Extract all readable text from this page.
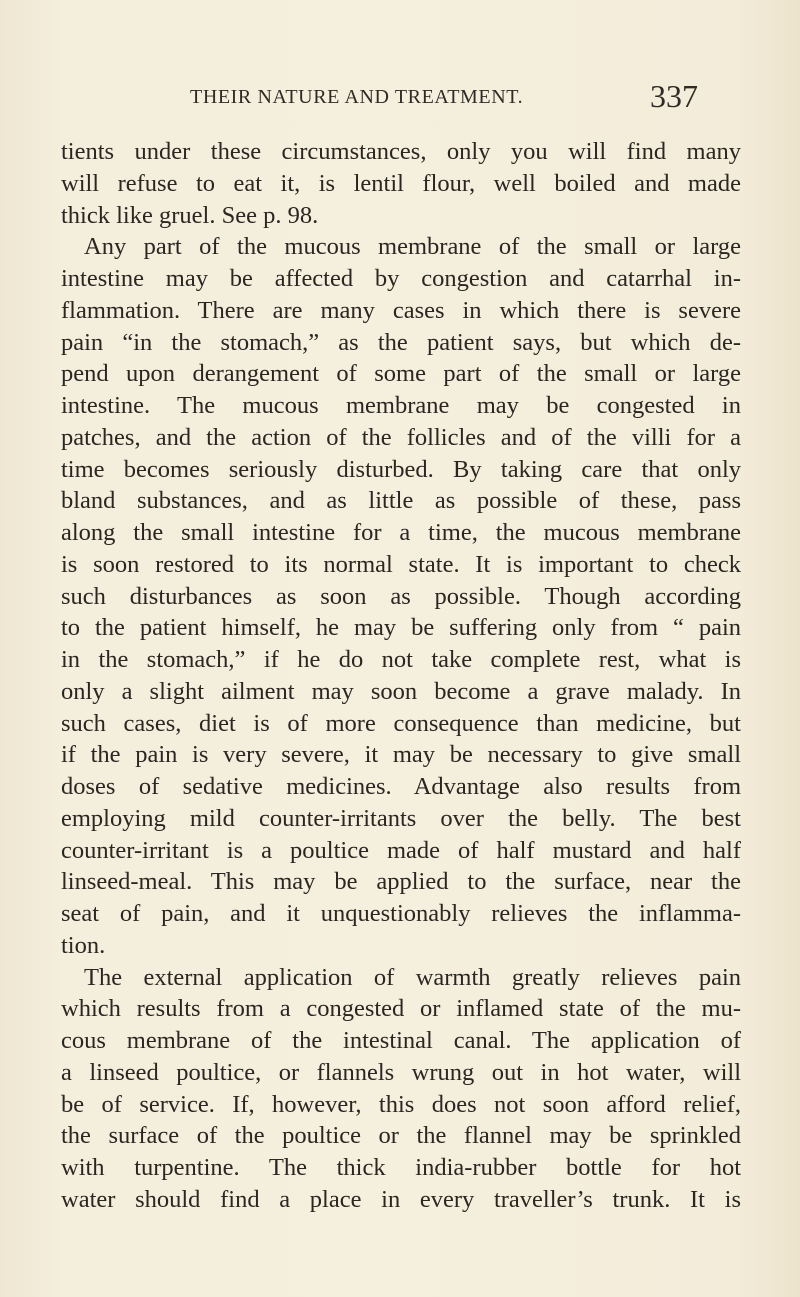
THEIR NATURE AND TREATMENT.	337
tients under these circumstances, only you will find many
will refuse to eat it, is lentil flour, well boiled and made
thick like gruel. See p. 98.
Any part of the mucous membrane of the small or large
intestine may be affected by congestion and catarrhal in-
flammation. There are many cases in which there is severe
pain “in the stomach,” as the patient says, but which de-
pend upon derangement of some part of the small or large
intestine. The mucous membrane may be congested in
patches, and the action of the follicles and of the villi for a
time becomes seriously disturbed. By taking care that only
bland substances, and as little as possible of these, pass
along the small intestine for a time, the mucous membrane
is soon restored to its normal state. It is important to check
such disturbances as soon as possible. Though according
to the patient himself, he may be suffering only from “ pain
in the stomach,” if he do not take complete rest, what is
only a slight ailment may soon become a grave malady. In
such cases, diet is of more consequence than medicine, but
if the pain is very severe, it may be necessary to give small
doses of sedative medicines. Advantage also results from
employing mild counter-irritants over the belly. The best
counter-irritant is a poultice made of half mustard and half
linseed-meal. This may be applied to the surface, near the
seat of pain, and it unquestionably relieves the inflamma-
tion.
The external application of warmth greatly relieves pain
which results from a congested or inflamed state of the mu-
cous membrane of the intestinal canal. The application of
a linseed poultice, or flannels wrung out in hot water, will
be of service. If, however, this does not soon afford relief,
the surface of the poultice or the flannel may be sprinkled
with turpentine. The thick india-rubber bottle for hot
water should find a place in every traveller’s trunk. It is
